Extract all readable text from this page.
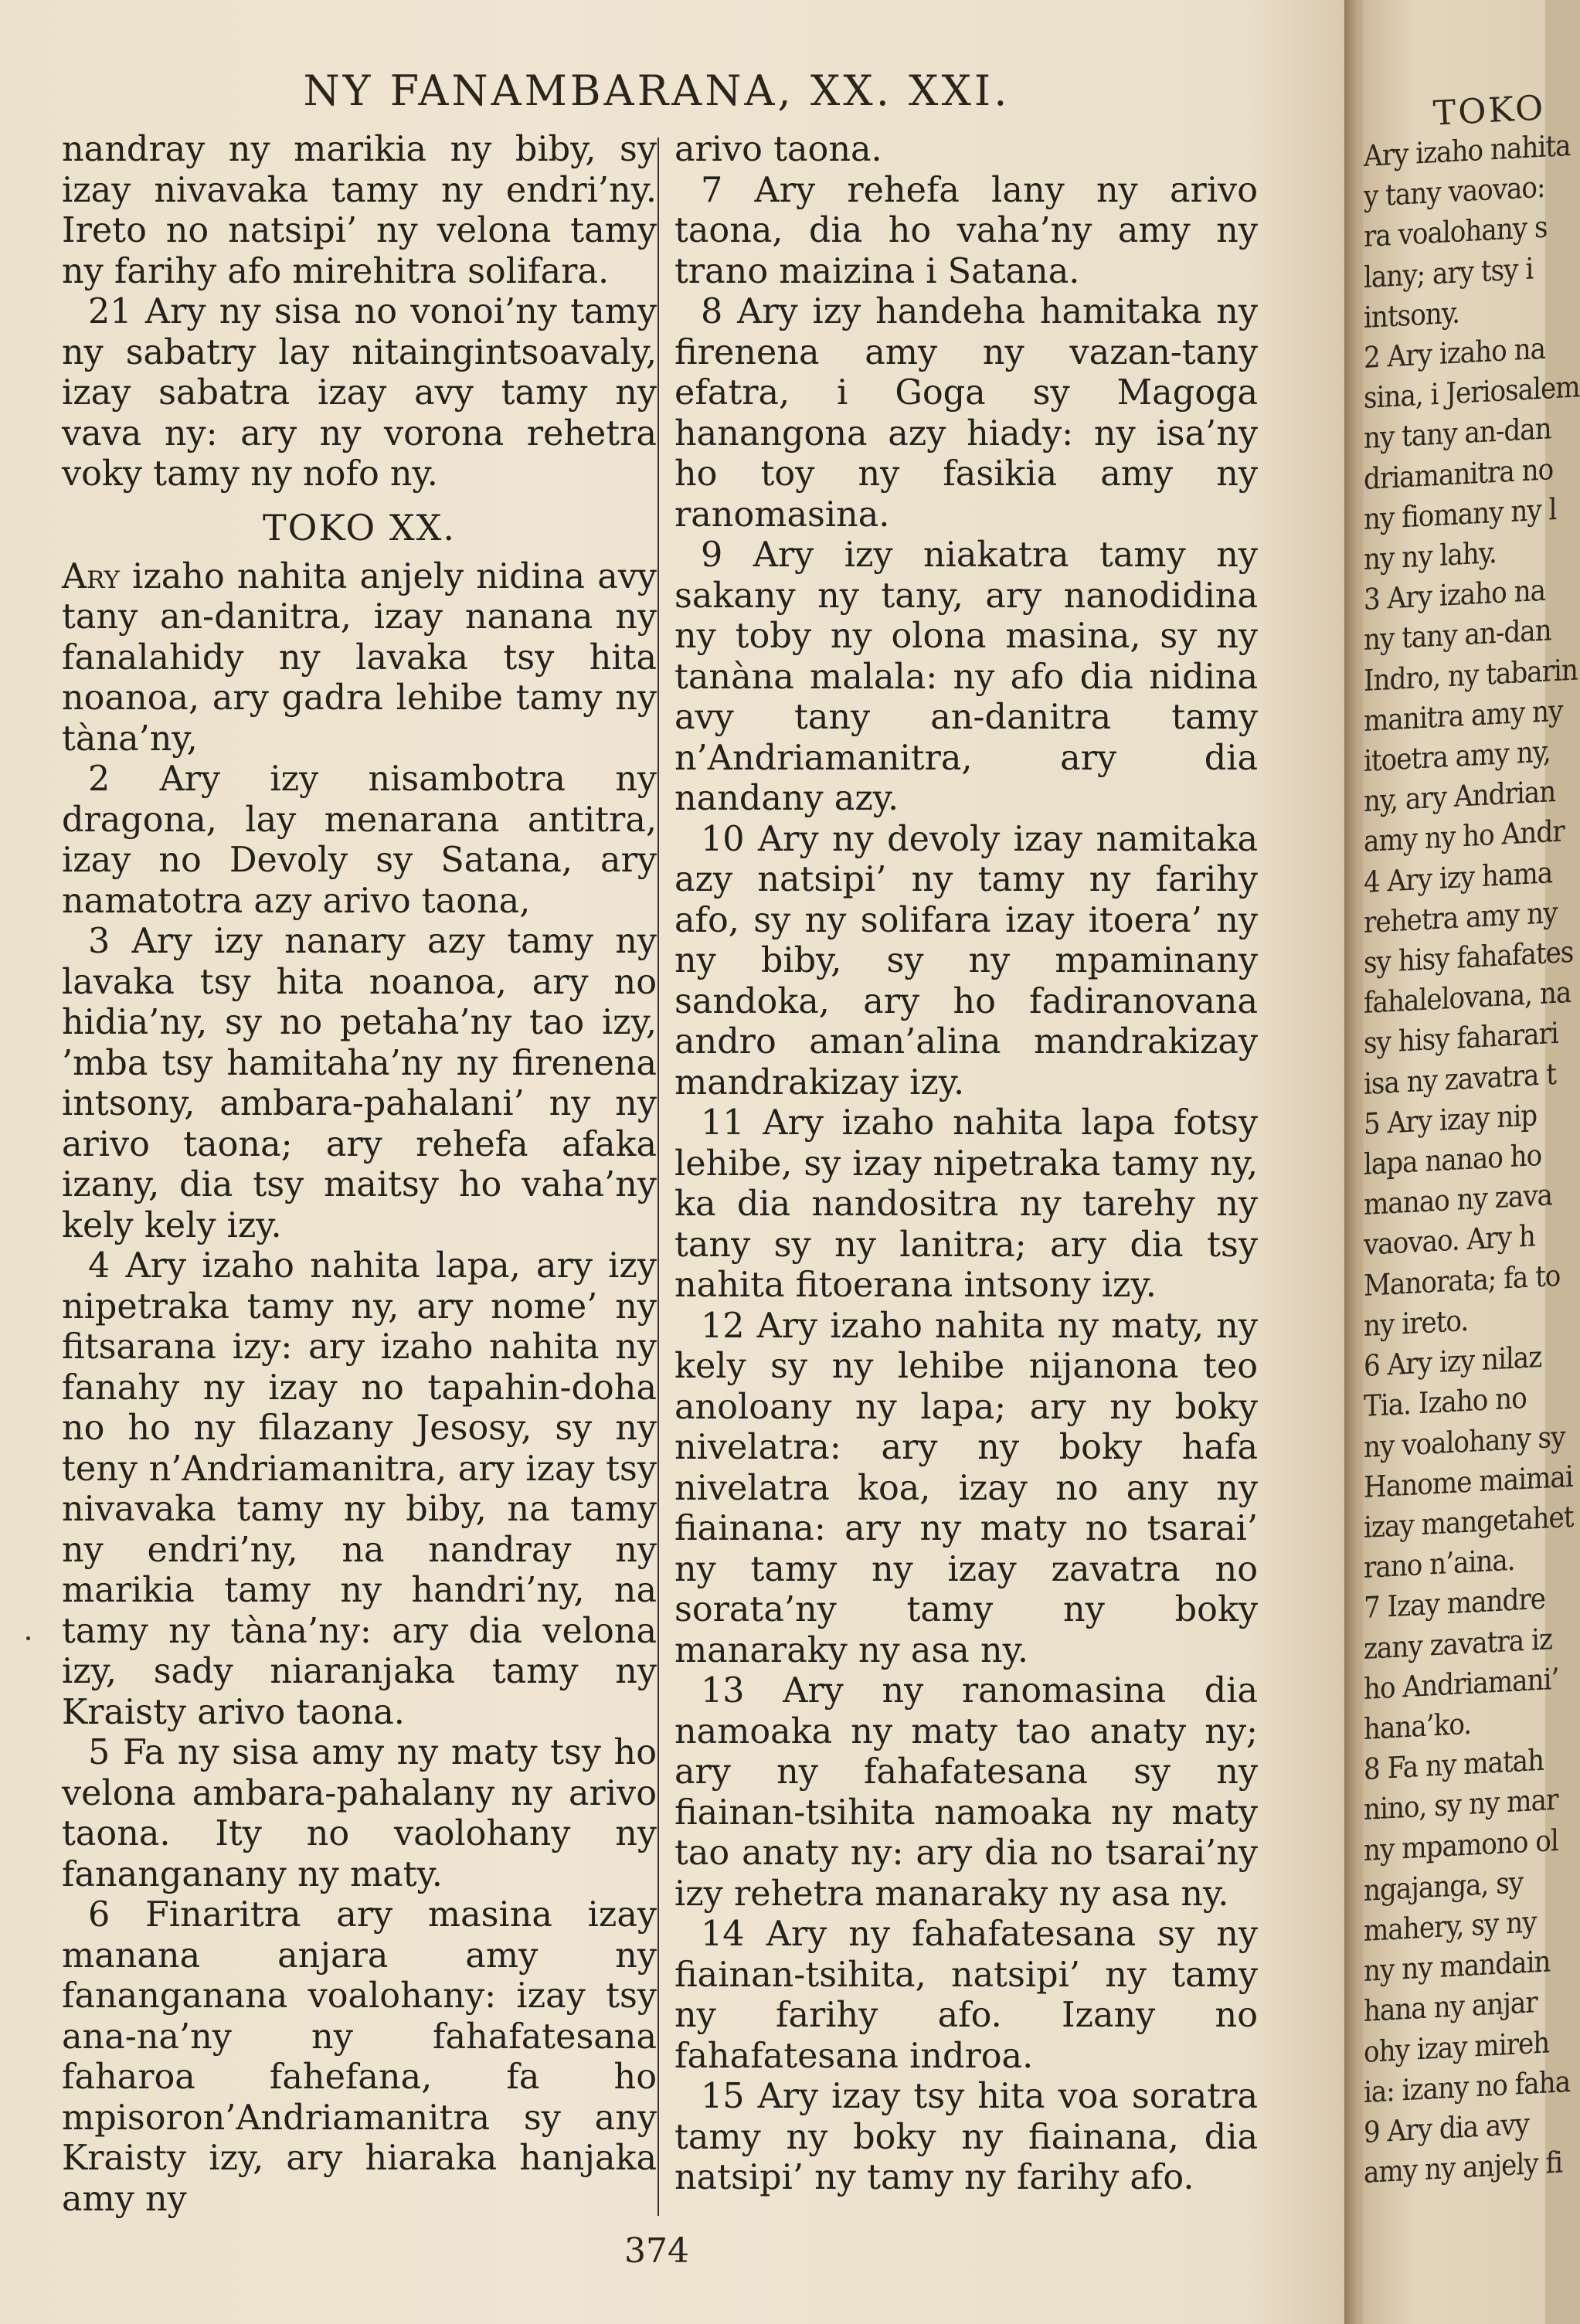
NY FANAMBARANA, XX. XXI.

nandray ny marikia ny biby, sy izay nivavaka tamy ny endri’ny. Ireto no natsipi’ ny velona tamy ny farihy afo mirehitra solifara.

21 Ary ny sisa no vonoi’ny tamy ny sabatry lay nitaingintsoavaly, izay sabatra izay avy tamy ny vava ny: ary ny vorona rehetra voky tamy ny nofo ny.

TOKO XX.

Ary izaho nahita anjely nidina avy tany an-danitra, izay nanana ny fanalahidy ny lavaka tsy hita noanoa, ary gadra lehibe tamy ny tàna’ny,

2 Ary izy nisambotra ny dragona, lay menarana antitra, izay no Devoly sy Satana, ary namatotra azy arivo taona,

3 Ary izy nanary azy tamy ny lavaka tsy hita noanoa, ary no hidia’ny, sy no petaha’ny tao izy, ’mba tsy hamitaha’ny ny firenena intsony, ambara-pahalani’ ny ny arivo taona; ary rehefa afaka izany, dia tsy maitsy ho vaha’ny kely kely izy.

4 Ary izaho nahita lapa, ary izy nipetraka tamy ny, ary nome’ ny fitsarana izy: ary izaho nahita ny fanahy ny izay no tapahin-doha no ho ny filazany Jesosy, sy ny teny n’Andriamanitra, ary izay tsy nivavaka tamy ny biby, na tamy ny endri’ny, na nandray ny marikia tamy ny handri’ny, na tamy ny tàna’ny: ary dia velona izy, sady niaranjaka tamy ny Kraisty arivo taona.

5 Fa ny sisa amy ny maty tsy ho velona ambara-pahalany ny arivo taona. Ity no vaolohany ny fananganany ny maty.

6 Finaritra ary masina izay manana anjara amy ny fananganana voalohany: izay tsy ana-na’ny ny fahafatesana faharoa fahefana, fa ho mpisoron’Andriamanitra sy any Kraisty izy, ary hiaraka hanjaka amy ny

arivo taona.

7 Ary rehefa lany ny arivo taona, dia ho vaha’ny amy ny trano maizina i Satana.

8 Ary izy handeha hamitaka ny firenena amy ny vazan-tany efatra, i Goga sy Magoga hanangona azy hiady: ny isa’ny ho toy ny fasikia amy ny ranomasina.

9 Ary izy niakatra tamy ny sakany ny tany, ary nanodidina ny toby ny olona masina, sy ny tanàna malala: ny afo dia nidina avy tany an-danitra tamy n’Andriamanitra, ary dia nandany azy.

10 Ary ny devoly izay namitaka azy natsipi’ ny tamy ny farihy afo, sy ny solifara izay itoera’ ny ny biby, sy ny mpaminany sandoka, ary ho fadiranovana andro aman’alina mandrakizay mandrakizay izy.

11 Ary izaho nahita lapa fotsy lehibe, sy izay nipetraka tamy ny, ka dia nandositra ny tarehy ny tany sy ny lanitra; ary dia tsy nahita fitoerana intsony izy.

12 Ary izaho nahita ny maty, ny kely sy ny lehibe nijanona teo anoloany ny lapa; ary ny boky nivelatra: ary ny boky hafa nivelatra koa, izay no any ny fiainana: ary ny maty no tsarai’ ny tamy ny izay zavatra no sorata’ny tamy ny boky manaraky ny asa ny.

13 Ary ny ranomasina dia namoaka ny maty tao anaty ny; ary ny fahafatesana sy ny fiainan-tsihita namoaka ny maty tao anaty ny: ary dia no tsarai’ny izy rehetra manaraky ny asa ny.

14 Ary ny fahafatesana sy ny fiainan-tsihita, natsipi’ ny tamy ny farihy afo. Izany no fahafatesana indroa.

15 Ary izay tsy hita voa soratra tamy ny boky ny fiainana, dia natsipi’ ny tamy ny farihy afo.

374
TOKO
Ary izaho nahita
y tany vaovao:
ra voalohany s
lany; ary tsy i
intsony.
2 Ary izaho na
sina, i Jeriosalem
ny tany an-dan
driamanitra no
ny fiomany ny l
ny ny lahy.
3 Ary izaho na
ny tany an-dan
Indro, ny tabarin
manitra amy ny
itoetra amy ny,
ny, ary Andrian
amy ny ho Andr
4 Ary izy hama
rehetra amy ny
sy hisy fahafates
fahalelovana, na
sy hisy faharari
isa ny zavatra t
5 Ary izay nip
lapa nanao ho
manao ny zava
vaovao. Ary h
Manorata; fa to
ny ireto.
6 Ary izy nilaz
Tia. Izaho no
ny voalohany sy
Hanome maimai
izay mangetahet
rano n’aina.
7 Izay mandre
zany zavatra iz
ho Andriamani’
hana’ko.
8 Fa ny matah
nino, sy ny mar
ny mpamono ol
ngajanga, sy
mahery, sy ny
ny ny mandain
hana ny anjar
ohy izay mireh
ia: izany no faha
9 Ary dia avy
amy ny anjely fi
